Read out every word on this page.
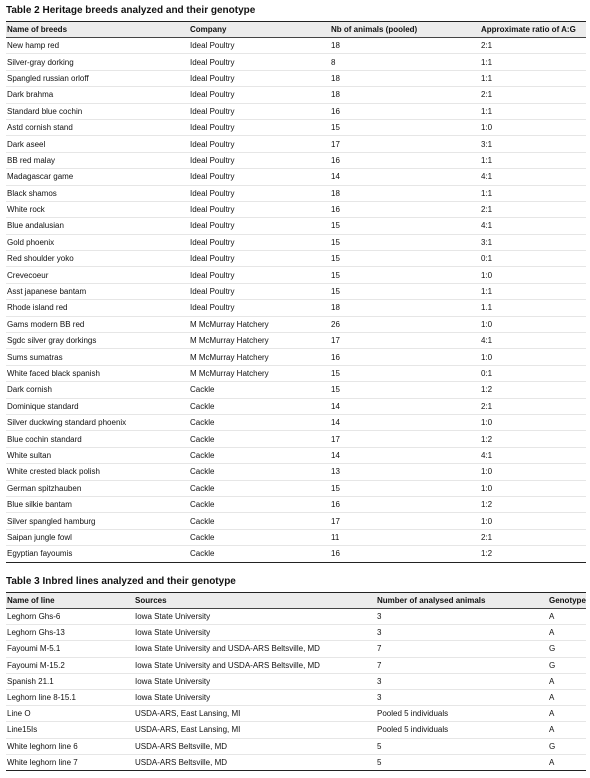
Table 2 Heritage breeds analyzed and their genotype
Name of breeds	Company	Nb of animals (pooled)	Approximate ratio of A:G
New hamp red	Ideal Poultry	18	2:1
Silver-gray dorking	Ideal Poultry	8	1:1
Spangled russian orloff	Ideal Poultry	18	1:1
Dark brahma	Ideal Poultry	18	2:1
Standard blue cochin	Ideal Poultry	16	1:1
Astd cornish stand	Ideal Poultry	15	1:0
Dark aseel	Ideal Poultry	17	3:1
BB red malay	Ideal Poultry	16	1:1
Madagascar game	Ideal Poultry	14	4:1
Black shamos	Ideal Poultry	18	1:1
White rock	Ideal Poultry	16	2:1
Blue andalusian	Ideal Poultry	15	4:1
Gold phoenix	Ideal Poultry	15	3:1
Red shoulder yoko	Ideal Poultry	15	0:1
Crevecoeur	Ideal Poultry	15	1:0
Asst japanese bantam	Ideal Poultry	15	1:1
Rhode island red	Ideal Poultry	18	1.1
Gams modern BB red	M McMurray Hatchery	26	1:0
Sgdc silver gray dorkings	M McMurray Hatchery	17	4:1
Sums sumatras	M McMurray Hatchery	16	1:0
White faced black spanish	M McMurray Hatchery	15	0:1
Dark cornish	Cackle	15	1:2
Dominique standard	Cackle	14	2:1
Silver duckwing standard phoenix	Cackle	14	1:0
Blue cochin standard	Cackle	17	1:2
White sultan	Cackle	14	4:1
White crested black polish	Cackle	13	1:0
German spitzhauben	Cackle	15	1:0
Blue silkie bantam	Cackle	16	1:2
Silver spangled hamburg	Cackle	17	1:0
Saipan jungle fowl	Cackle	11	2:1
Egyptian fayoumis	Cackle	16	1:2
Table 3 Inbred lines analyzed and their genotype
Name of line	Sources	Number of analysed animals	Genotype
Leghorn Ghs-6	Iowa State University	3	A
Leghorn Ghs-13	Iowa State University	3	A
Fayoumi M-5.1	Iowa State University and USDA-ARS Beltsville, MD	7	G
Fayoumi M-15.2	Iowa State University and USDA-ARS Beltsville, MD	7	G
Spanish 21.1	Iowa State University	3	A
Leghorn line 8-15.1	Iowa State University	3	A
Line O	USDA-ARS, East Lansing, MI	Pooled 5 individuals	A
Line15Is	USDA-ARS, East Lansing, MI	Pooled 5 individuals	A
White leghorn line 6	USDA-ARS Beltsville, MD	5	G
White leghorn line 7	USDA-ARS Beltsville, MD	5	A
